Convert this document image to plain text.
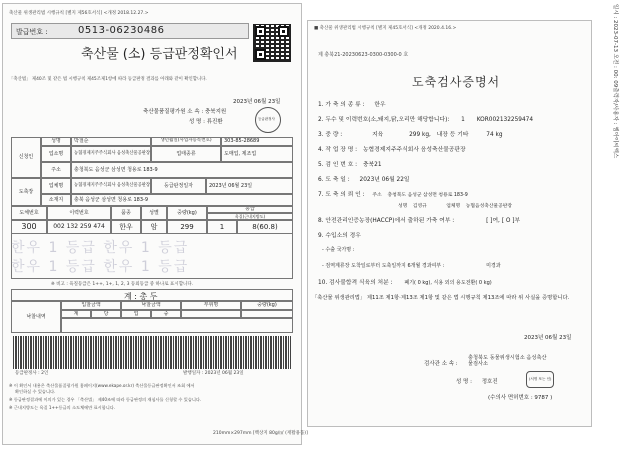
축산물 위생관리법 시행규칙 [별지 제56호서식] <개정 2018.12.27.>
발급번호 :	0513-06230486
축산물 (소) 등급판정확인서
「축산법」 제40조 및 같은 법 시행규칙 제45조제1항에 따라 등급판정 결과를 아래와 같이 확인합니다.
2023년 06월 23일
축산물품질평가원 소 속 : 충북지원
성 명 : 류진환	등급판정사
신청인
성명	박철순	생년월일(사업자등록번호)	303-85-28689
업소명	농협경제지주주식회사 음성축산물공판장	업태종류	도매업, 제조업
주소	충청북도 음성군 삼성면 청용로 183-9
도축장
업체명	농협경제지주주식회사 음성축산물공판장	등급판정일자	2023년 06월 23일
소재지	충북 음성군 삼성면 청용로 183-9
도체번호	이력번호	품종	성별	중량(kg)
등급
육질(근내지방도)
300	002 132 259 474	한우	암	299	1	8(60.8)
한우 1 등급 한우 1 등급
한우 1 등급 한우 1 등급
※ 비고 : 육질등급은 1++, 1+, 1, 2, 3 등외등급 중 하나로 표시합니다.
계 : 총 두
낙찰내역
입찰금액	낙찰금액	부위명	중량(kg)
계	당	업	중
등급판정사 : 2인	발행일자 : 2023년 06월 23일
※ 이 확인서 내용은 축산물품질평가원 홈페이지(www.ekape.or.kr) 축산물등급판정확인서 조회 에서
확인하실 수 있습니다.
※ 등급판정결과에 이의가 있는 경우 「축산법」 제40조에 따라 등급판정의 재심사를 신청할 수 있습니다.
※ 근내지방도는 육질 1++등급의 소도체에만 표시합니다.
210mm×297mm [백상지 80g/㎡ (재활용품)]
■ 축산물 위생관리법 시행규칙 [별지 제45호서식] <개정 2020.4.16.>
제 충북21-20230623-0300-0300-0 호
도축검사증명서
1. 가 축 의 종 류 : 한우
2. 두수 및 이력번호(소,돼지,닭,오리만 해당합니다): 1 KOR002132259474
3. 중 량 :	지육	299 kg, 내장 등 기타	74 kg
4. 작 업 장 명 : 농협경제지주주식회사 음성축산물공판장
5. 검 인 번 호 : 충북21
6. 도 축 일 : 2023년 06월 22일
7. 도 축 의 뢰 인 : 주소 충청북도 음성군 삼성면 청용로 183-9
성명 김영규	업체명 농협음성축산물공판장
8. 안전관리인증농장(HACCP)에서 출하된 가축 여부 :	[ ]여, [ O ]부
9. 수입소의 경우
- 수출 국가명 :
- 검역계류장 도착일로부터 도축일까지 6개월 경과여부 :	미경과
10. 검사불합격 식육의 처분 : 폐기( 0 kg), 식용 외의 용도전환( 0 kg)
「축산물 위생관리법」 제11조 제1항·제13조 제1항 및 같은 법 시행규칙 제13조에 따라 위 사실을 증명합니다.
2023년 06월 23일
검사관 소 속 :
충청북도 동물위생시험소 음성축산물검사소
성 명 : 정호진	(서명 또는 인)
(수의사 면허번호 : 9787 )
일시 : 2023-07-13 오전 : 00: 09출력자/사용자 : 엠아이씨엑스
